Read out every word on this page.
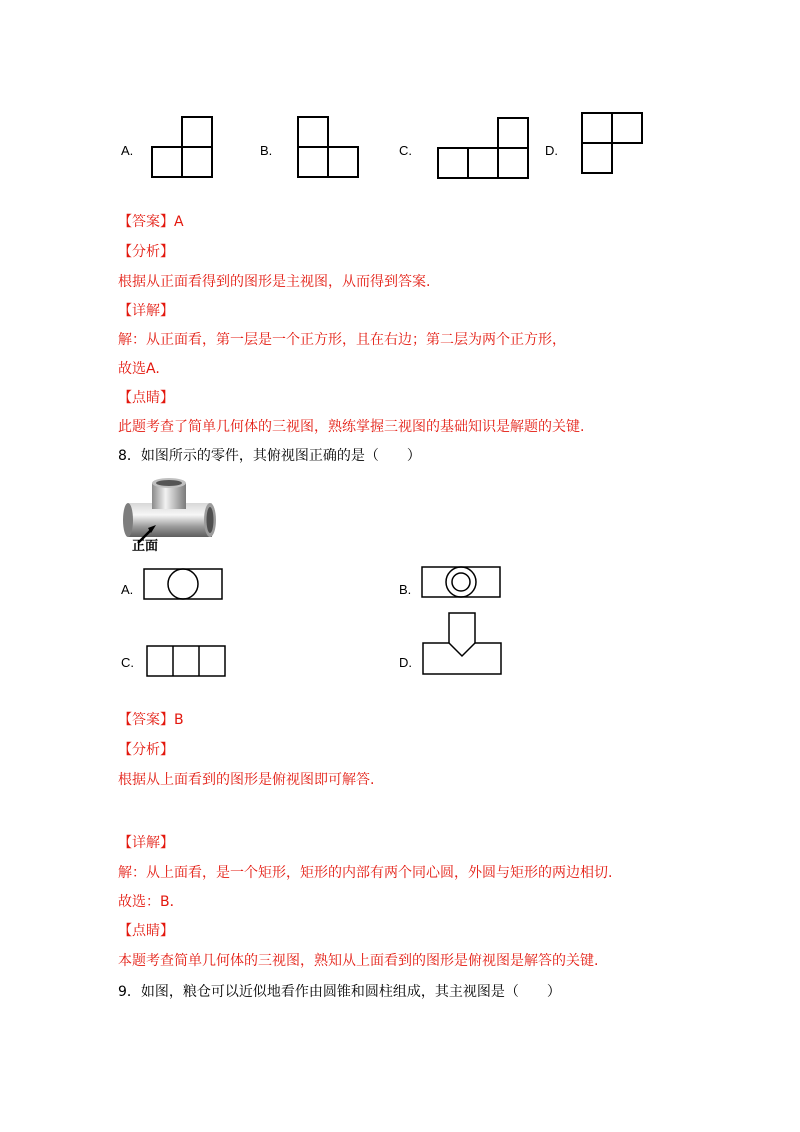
A.	B.	C.	D.
【答案】A
【分析】
根据从正面看得到的图形是主视图，从而得到答案.
【详解】
解：从正面看，第一层是一个正方形，且在右边；第二层为两个正方形，
故选A.
【点睛】
此题考查了简单几何体的三视图，熟练掌握三视图的基础知识是解题的关键.
8．如图所示的零件，其俯视图正确的是（　　）
正面
A.	B.
C.	D.
【答案】B
【分析】
根据从上面看到的图形是俯视图即可解答.
【详解】
解：从上面看，是一个矩形，矩形的内部有两个同心圆，外圆与矩形的两边相切.
故选：B．
【点睛】
本题考查简单几何体的三视图，熟知从上面看到的图形是俯视图是解答的关键.
9．如图，粮仓可以近似地看作由圆锥和圆柱组成，其主视图是（　　）
